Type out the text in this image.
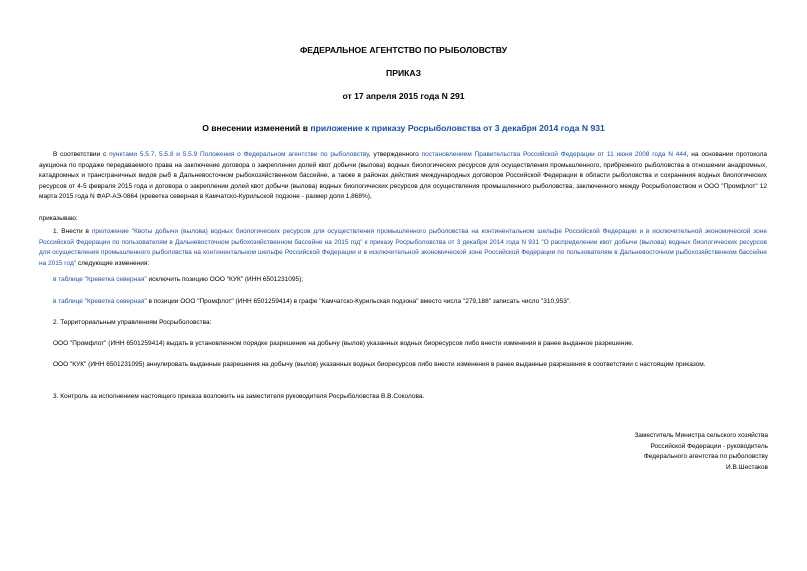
ФЕДЕРАЛЬНОЕ АГЕНТСТВО ПО РЫБОЛОВСТВУ
ПРИКАЗ
от 17 апреля 2015 года N 291
О внесении изменений в приложение к приказу Росрыболовства от 3 декабря 2014 года N 931
В соответствии с пунктами 5.5.7, 5.5.8 и 5.5.9 Положения о Федеральном агентстве по рыболовству, утвержденного постановлением Правительства Российской Федерации от 11 июня 2008 года N 444, на основании протокола аукциона по продаже передаваемого права на заключение договора о закреплении долей квот добычи (вылова) водных биологических ресурсов для осуществления промышленного, прибрежного рыболовства в отношении анадромных, катадромных и трансграничных видов рыб в Дальневосточном рыбохозяйственном бассейне, а также в районах действия международных договоров Российской Федерации в области рыболовства и сохранения водных биологических ресурсов от 4-5 февраля 2015 года и договора о закреплении долей квот добычи (вылова) водных биологических ресурсов для осуществления промышленного рыболовства, заключенного между Росрыболовством и ООО "Промфлот" 12 марта 2015 года N ФАР-АЭ-0864 (креветка северная в Камчатско-Курильской подзоне - размер доли 1,868%),
приказываю:
1. Внести в приложение "Квоты добычи (вылова) водных биологических ресурсов для осуществления промышленного рыболовства на континентальном шельфе Российской Федерации и в исключительной экономической зоне Российской Федерации по пользователям в Дальневосточном рыбохозяйственном бассейне на 2015 год" к приказу Росрыболовства от 3 декабря 2014 года N 931 "О распределении квот добычи (вылова) водных биологических ресурсов для осуществления промышленного рыболовства на континентальном шельфе Российской Федерации и в исключительной экономической зоне Российской Федерации по пользователям в Дальневосточном рыбохозяйственном бассейне на 2015 год" следующие изменения:
в таблице "Креветка северная" исключить позицию ООО "КУК" (ИНН 6501231095);
в таблице "Креветка северная" в позиции ООО "Промфлот" (ИНН 6501259414) в графе "Камчатско-Курильская подзона" вместо числа "279,188" записать число "310,953".
2. Территориальным управлениям Росрыболовства:
ООО "Промфлот" (ИНН 6501259414) выдать в установленном порядке разрешение на добычу (вылов) указанных водных биоресурсов либо внести изменения в ранее выданное разрешение.
ООО "КУК" (ИНН 6501231095) аннулировать выданные разрешения на добычу (вылов) указанных водных биоресурсов либо внести изменения в ранее выданные разрешения в соответствии с настоящим приказом.
3. Контроль за исполнением настоящего приказа возложить на заместителя руководителя Росрыболовства В.В.Соколова.
Заместитель Министра сельского хозяйства
Российской Федерации - руководитель
Федерального агентства по рыболовству
И.В.Шестаков
